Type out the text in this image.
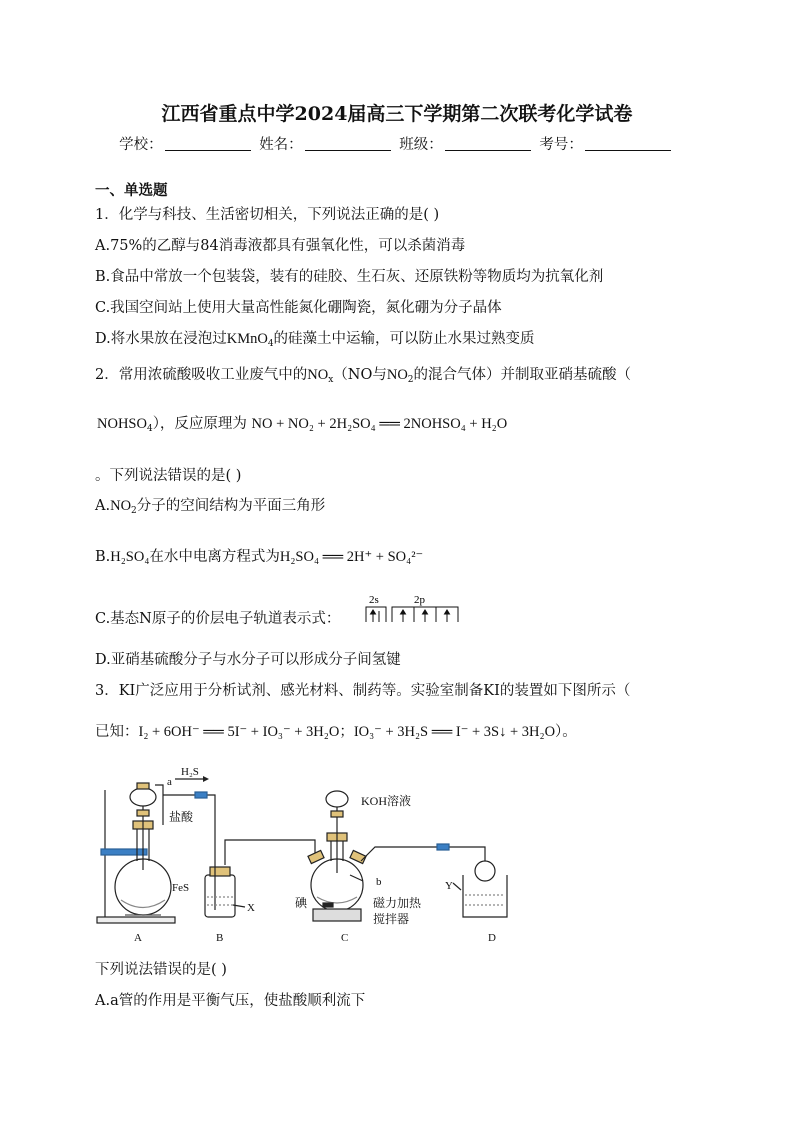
江西省重点中学2024届高三下学期第二次联考化学试卷
学校：	姓名：	班级：	考号：
一、单选题
1．化学与科技、生活密切相关，下列说法正确的是( )
A.75%的乙醇与84消毒液都具有强氧化性，可以杀菌消毒
B.食品中常放一个包装袋，装有的硅胶、生石灰、还原铁粉等物质均为抗氧化剂
C.我国空间站上使用大量高性能氮化硼陶瓷，氮化硼为分子晶体
D.将水果放在浸泡过KMnO$_4$的硅藻土中运输，可以防止水果过熟变质
2．常用浓硫酸吸收工业废气中的$NO_x(NO$与$NO_2$的混合气体）并制取亚硝基硫酸（
$NOHSO_4$），反应原理为 NO + NO₂ + 2H₂SO₄ ══ 2NOHSO₄ + H₂O
。下列说法错误的是( )
$A.NO_2$分子的空间结构为平面三角形
B.H₂SO₄在水中电离方程式为H₂SO₄ ══ 2H⁺ + SO₄²⁻
C.基态N原子的价层电子轨道表示式：
2s	2p
D.亚硝基硫酸分子与水分子可以形成分子间氢键
3．KI广泛应用于分析试剂、感光材料、制药等。实验室制备KI的装置如下图所示（
已知：I₂ + 6OH⁻ ══ 5I⁻ + IO₃⁻ + 3H₂O；IO₃⁻ + 3H₂S ══ I⁻ + 3S↓ + 3H₂O）。
a
H₂S
盐酸
FeS
KOH溶液
b
碘	磁力加热
搅拌器
X
Y
A	B	C	D
下列说法错误的是( )
A.a管的作用是平衡气压，使盐酸顺利流下
